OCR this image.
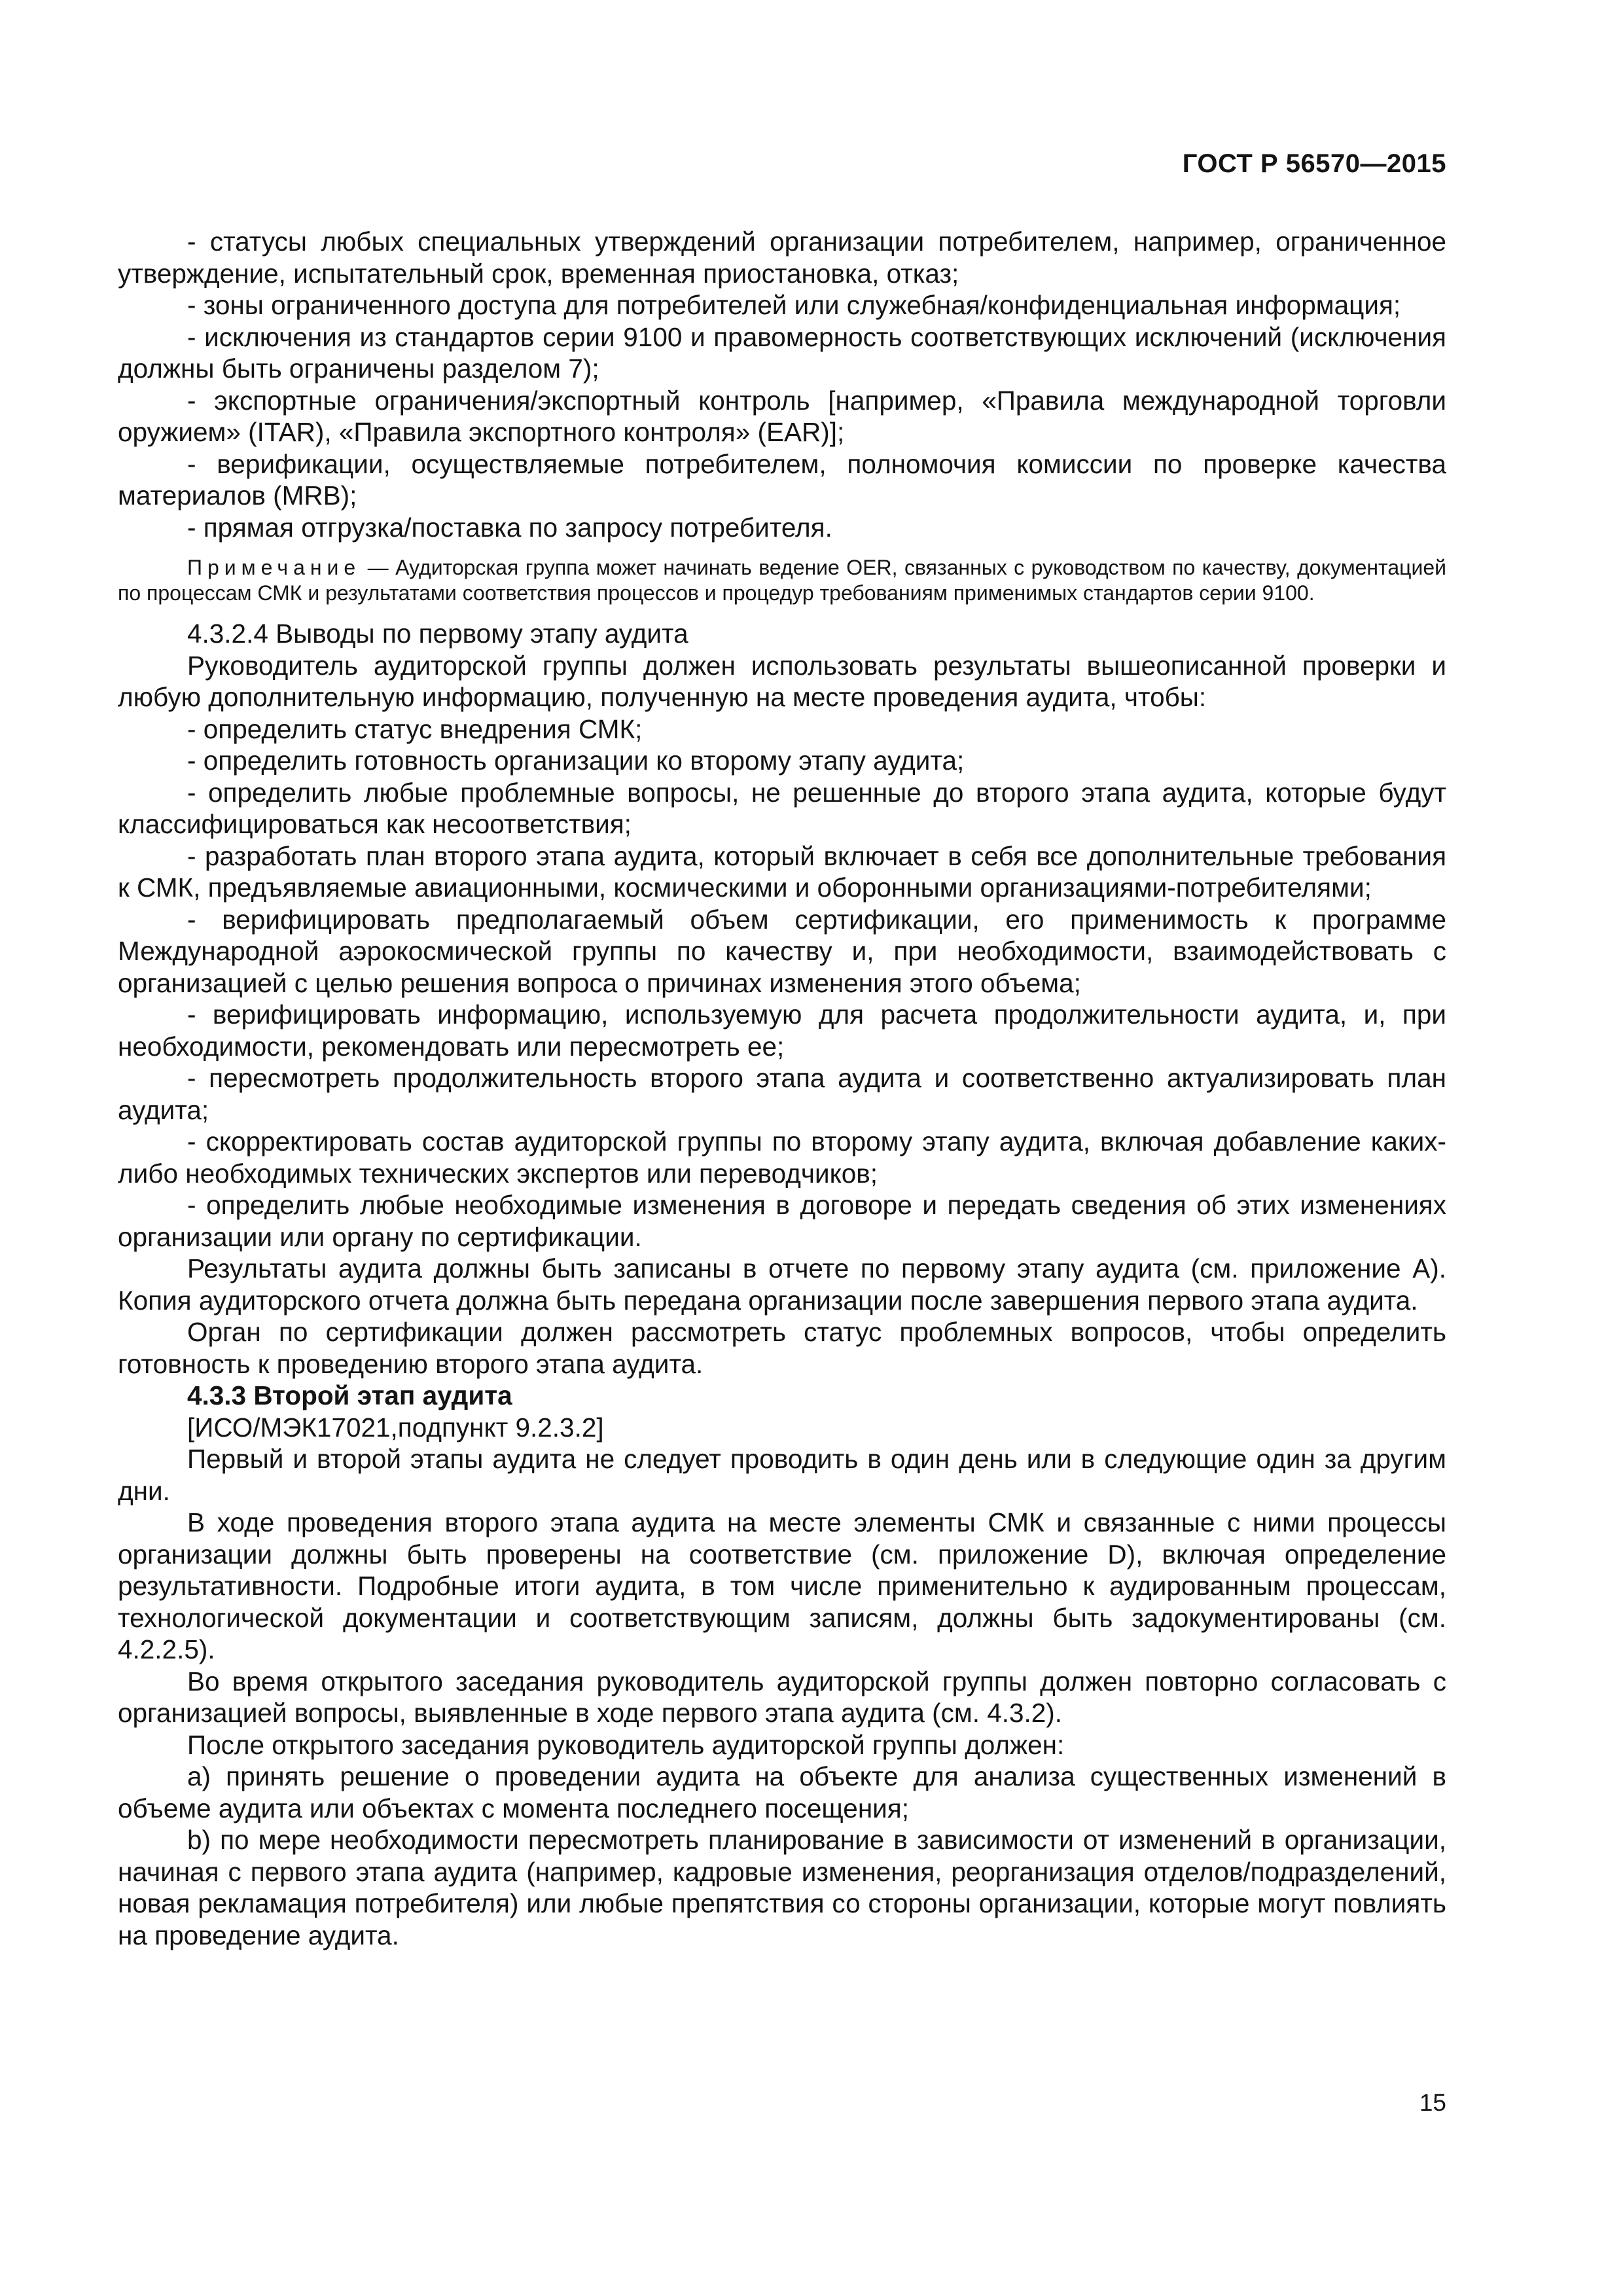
ГОСТ Р 56570—2015

- статусы любых специальных утверждений организации потребителем, например, ограниченное утверждение, испытательный срок, временная приостановка, отказ;

- зоны ограниченного доступа для потребителей или служебная/конфиденциальная информация;

- исключения из стандартов серии 9100 и правомерность соответствующих исключений (исключения должны быть ограничены разделом 7);

- экспортные ограничения/экспортный контроль [например, «Правила международной торговли оружием» (ITAR), «Правила экспортного контроля» (EAR)];

- верификации, осуществляемые потребителем, полномочия комиссии по проверке качества материалов (MRB);

- прямая отгрузка/поставка по запросу потребителя.

Примечание — Аудиторская группа может начинать ведение OER, связанных с руководством по качеству, документацией по процессам СМК и результатами соответствия процессов и процедур требованиям применимых стандартов серии 9100.

4.3.2.4 Выводы по первому этапу аудита

Руководитель аудиторской группы должен использовать результаты вышеописанной проверки и любую дополнительную информацию, полученную на месте проведения аудита, чтобы:

- определить статус внедрения СМК;

- определить готовность организации ко второму этапу аудита;

- определить любые проблемные вопросы, не решенные до второго этапа аудита, которые будут классифицироваться как несоответствия;

- разработать план второго этапа аудита, который включает в себя все дополнительные требования к СМК, предъявляемые авиационными, космическими и оборонными организациями-потребителями;

- верифицировать предполагаемый объем сертификации, его применимость к программе Международной аэрокосмической группы по качеству и, при необходимости, взаимодействовать с организацией с целью решения вопроса о причинах изменения этого объема;

- верифицировать информацию, используемую для расчета продолжительности аудита, и, при необходимости, рекомендовать или пересмотреть ее;

- пересмотреть продолжительность второго этапа аудита и соответственно актуализировать план аудита;

- скорректировать состав аудиторской группы по второму этапу аудита, включая добавление каких-либо необходимых технических экспертов или переводчиков;

- определить любые необходимые изменения в договоре и передать сведения об этих изменениях организации или органу по сертификации.

Результаты аудита должны быть записаны в отчете по первому этапу аудита (см. приложение А). Копия аудиторского отчета должна быть передана организации после завершения первого этапа аудита.

Орган по сертификации должен рассмотреть статус проблемных вопросов, чтобы определить готовность к проведению второго этапа аудита.

4.3.3 Второй этап аудита

[ИСО/МЭК17021,подпункт 9.2.3.2]

Первый и второй этапы аудита не следует проводить в один день или в следующие один за другим дни.

В ходе проведения второго этапа аудита на месте элементы СМК и связанные с ними процессы организации должны быть проверены на соответствие (см. приложение D), включая определение результативности. Подробные итоги аудита, в том числе применительно к аудированным процессам, технологической документации и соответствующим записям, должны быть задокументированы (см. 4.2.2.5).

Во время открытого заседания руководитель аудиторской группы должен повторно согласовать с организацией вопросы, выявленные в ходе первого этапа аудита (см. 4.3.2).

После открытого заседания руководитель аудиторской группы должен:

a) принять решение о проведении аудита на объекте для анализа существенных изменений в объеме аудита или объектах с момента последнего посещения;

b) по мере необходимости пересмотреть планирование в зависимости от изменений в организации, начиная с первого этапа аудита (например, кадровые изменения, реорганизация отделов/подразделений, новая рекламация потребителя) или любые препятствия со стороны организации, которые могут повлиять на проведение аудита.

15
